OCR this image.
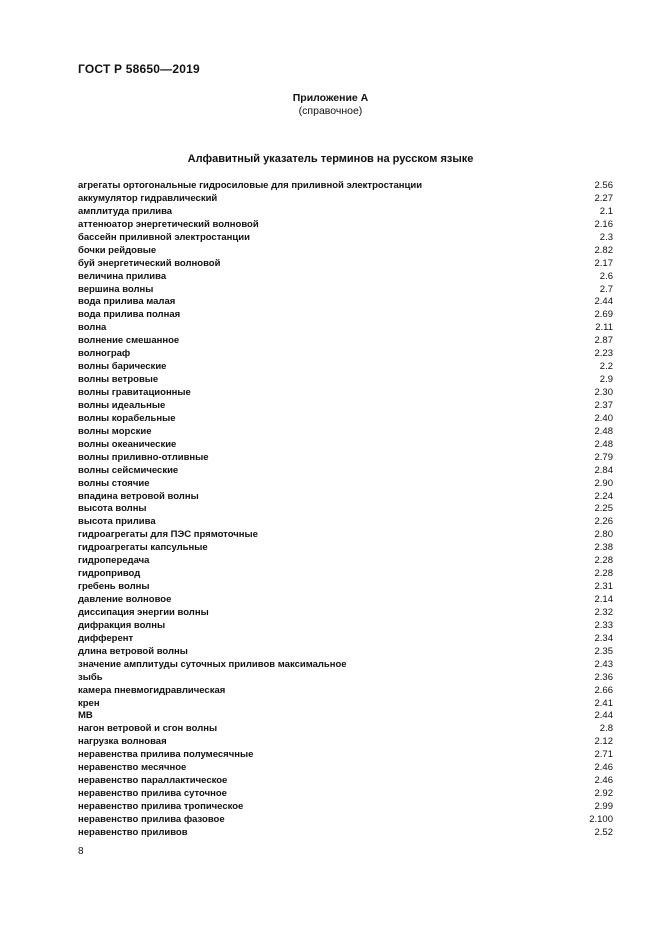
ГОСТ Р 58650—2019
Приложение А
(справочное)
Алфавитный указатель терминов на русском языке
агрегаты ортогональные гидросиловые для приливной электростанции	2.56
аккумулятор гидравлический	2.27
амплитуда прилива	2.1
аттенюатор энергетический волновой	2.16
бассейн приливной электростанции	2.3
бочки рейдовые	2.82
буй энергетический волновой	2.17
величина прилива	2.6
вершина волны	2.7
вода прилива малая	2.44
вода прилива полная	2.69
волна	2.11
волнение смешанное	2.87
волнограф	2.23
волны барические	2.2
волны ветровые	2.9
волны гравитационные	2.30
волны идеальные	2.37
волны корабельные	2.40
волны морские	2.48
волны океанические	2.48
волны приливно-отливные	2.79
волны сейсмические	2.84
волны стоячие	2.90
впадина ветровой волны	2.24
высота волны	2.25
высота прилива	2.26
гидроагрегаты для ПЭС прямоточные	2.80
гидроагрегаты капсульные	2.38
гидропередача	2.28
гидропривод	2.28
гребень волны	2.31
давление волновое	2.14
диссипация энергии волны	2.32
дифракция волны	2.33
дифферент	2.34
длина ветровой волны	2.35
значение амплитуды суточных приливов максимальное	2.43
зыбь	2.36
камера пневмогидравлическая	2.66
крен	2.41
МВ	2.44
нагон ветровой и сгон волны	2.8
нагрузка волновая	2.12
неравенства прилива полумесячные	2.71
неравенство месячное	2.46
неравенство параллактическое	2.46
неравенство прилива суточное	2.92
неравенство прилива тропическое	2.99
неравенство прилива фазовое	2.100
неравенство приливов	2.52
8
